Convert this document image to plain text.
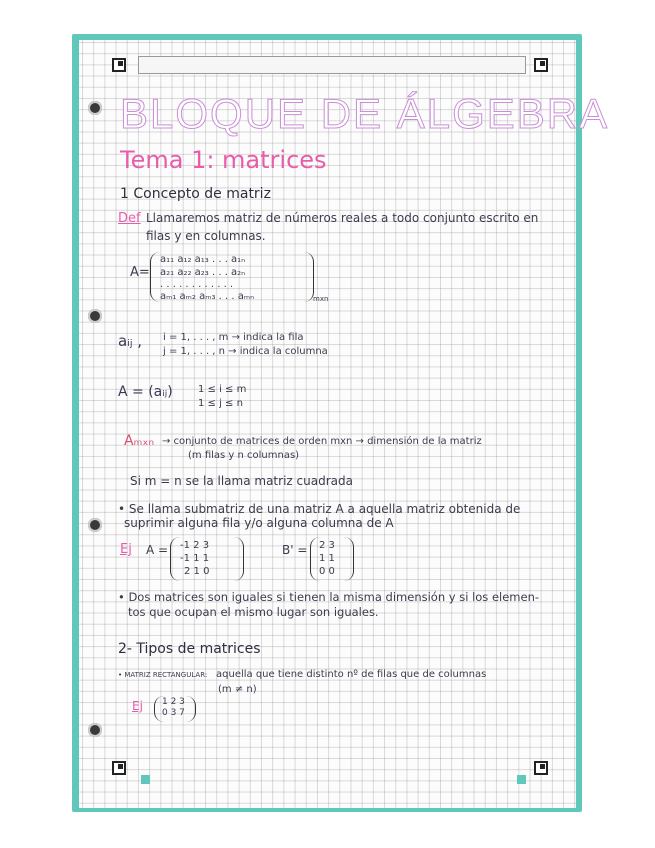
BLOQUE DE ÁLGEBRA
Tema 1: matrices
1 Concepto de matriz
Def Llamaremos matriz de números reales a todo conjunto escrito en
filas y en columnas.
A=
a₁₁ a₁₂ a₁₃ . . . a₁ₙ
a₂₁ a₂₂ a₂₃ . . . a₂ₙ
. . . . . . . . . . . .
aₘ₁ aₘ₂ aₘ₃ . . . aₘₙ	mxn
aᵢⱼ , i = 1, . . . , m → indica la fila
j = 1, . . . , n → indica la columna
A = (aᵢⱼ)	1 ≤ i ≤ m
1 ≤ j ≤ n
Aₘₓₙ → conjunto de matrices de orden mxn → dimensión de la matriz
(m filas y n columnas)
Si m = n se la llama matriz cuadrada
• Se llama submatriz de una matriz A a aquella matriz obtenida de
suprimir alguna fila y/o alguna columna de A
Ej A = -1 2 3
-1 1 1
2 1 0
B' = 2 3
1 1
0 0
• Dos matrices son iguales si tienen la misma dimensión y si los elemen-
tos que ocupan el mismo lugar son iguales.
2- Tipos de matrices
• MATRIZ RECTANGULAR: aquella que tiene distinto nº de filas que de columnas
(m ≠ n)
Ej 1 2 3
0 3 7
